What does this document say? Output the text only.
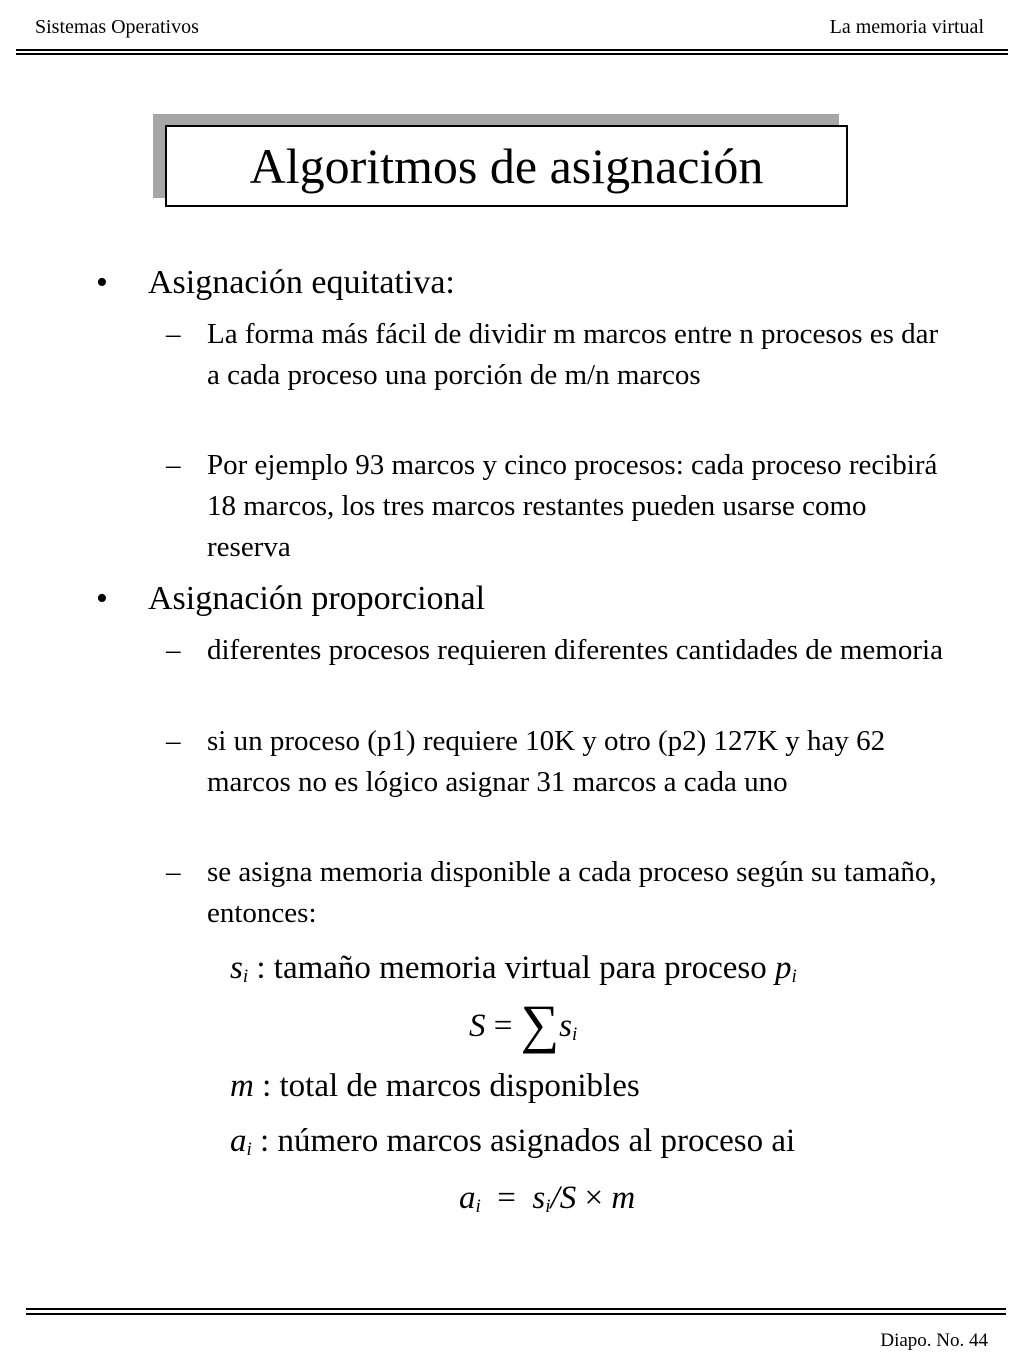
Sistemas Operativos	La memoria virtual
Algoritmos de asignación
• Asignación equitativa:
– La forma más fácil de dividir m marcos entre n procesos es dar a cada proceso una porción de m/n marcos
– Por ejemplo 93 marcos y cinco procesos: cada proceso recibirá 18 marcos, los tres marcos restantes pueden usarse como reserva
• Asignación proporcional
– diferentes procesos requieren diferentes cantidades de memoria
– si un proceso (p1) requiere 10K y otro (p2) 127K y hay 62 marcos no es lógico asignar 31 marcos a cada uno
– se asigna memoria disponible a cada proceso según su tamaño, entonces:
$s_i$ : tamaño memoria virtual para proceso $p_i$
$S = \sum s_i$
m : total de marcos disponibles
$a_i$ : número marcos asignados al proceso ai
$a_i = s_i/S \times m$
Diapo. No. 44
